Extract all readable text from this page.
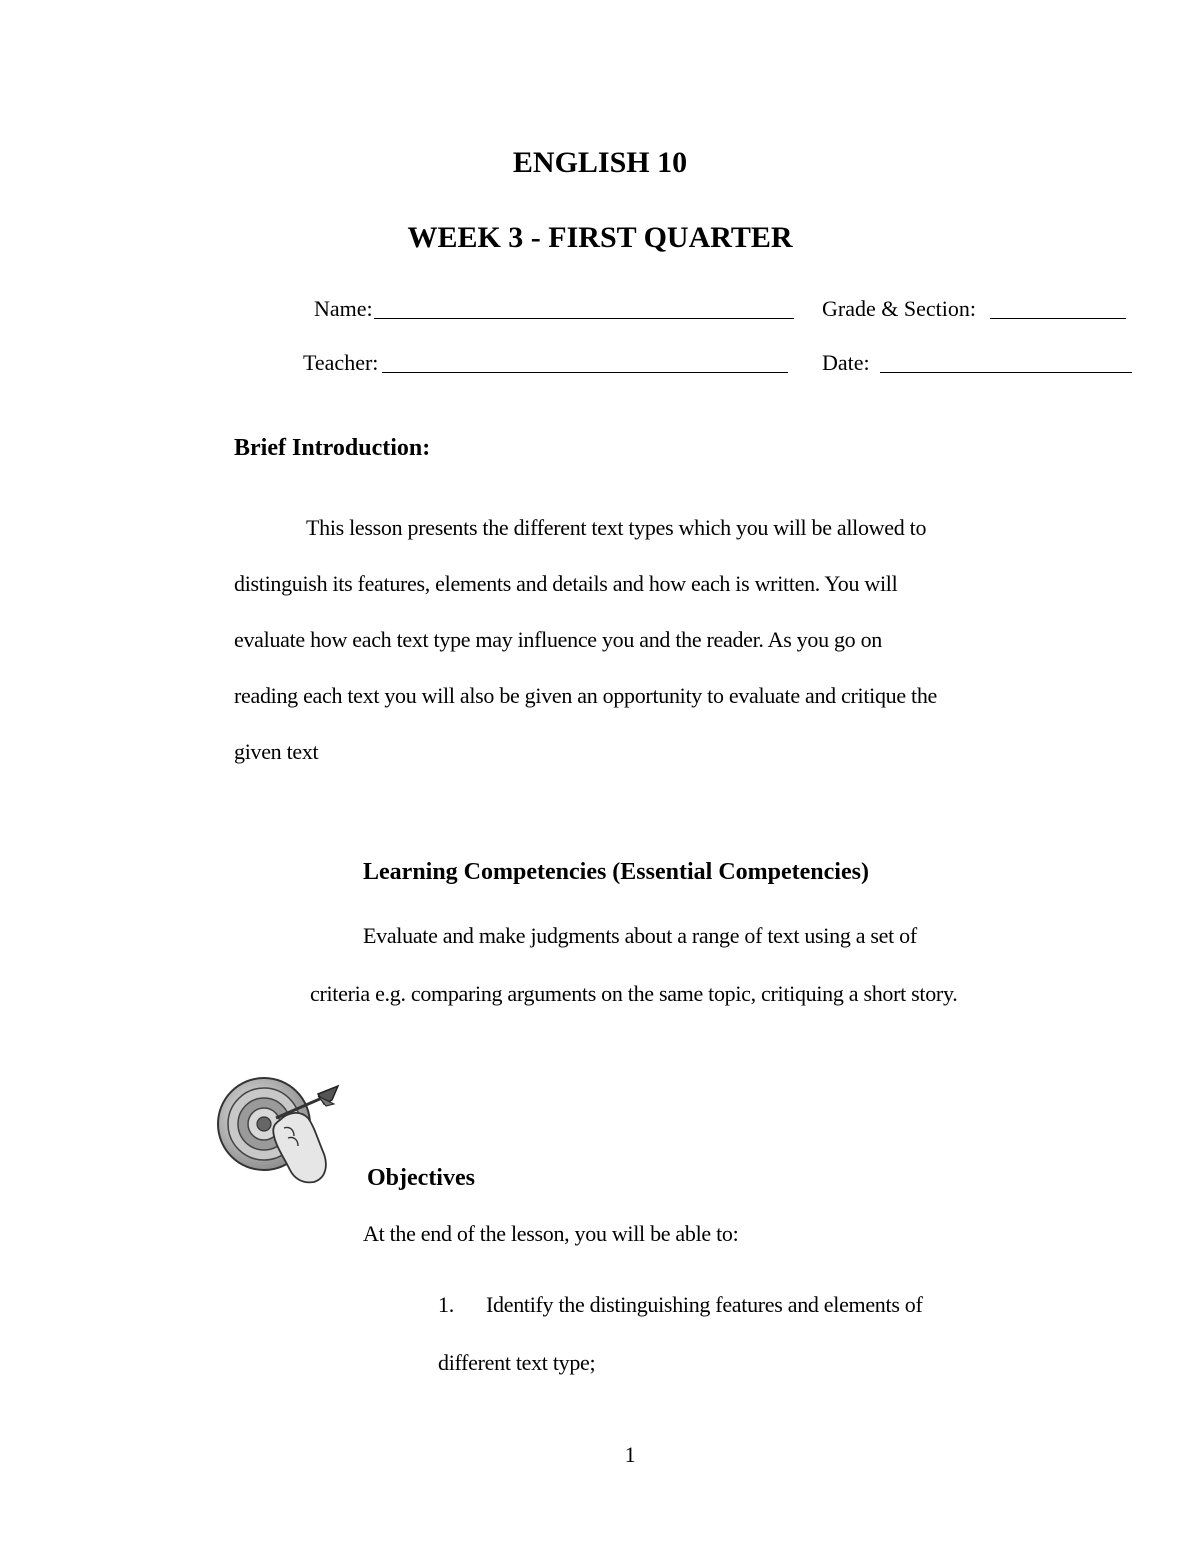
ENGLISH 10
WEEK 3 - FIRST QUARTER
Name:	Grade & Section:
Teacher:	Date:
Brief Introduction:
This lesson presents the different text types which you will be allowed to
distinguish its features, elements and details and how each is written. You will
evaluate how each text type may influence you and the reader. As you go on
reading each text you will also be given an opportunity to evaluate and critique the
given text
Learning Competencies (Essential Competencies)
Evaluate and make judgments about a range of text using a set of
criteria e.g. comparing arguments on the same topic, critiquing a short story.
Objectives
At the end of the lesson, you will be able to:
1. Identify the distinguishing features and elements of
different text type;
1
